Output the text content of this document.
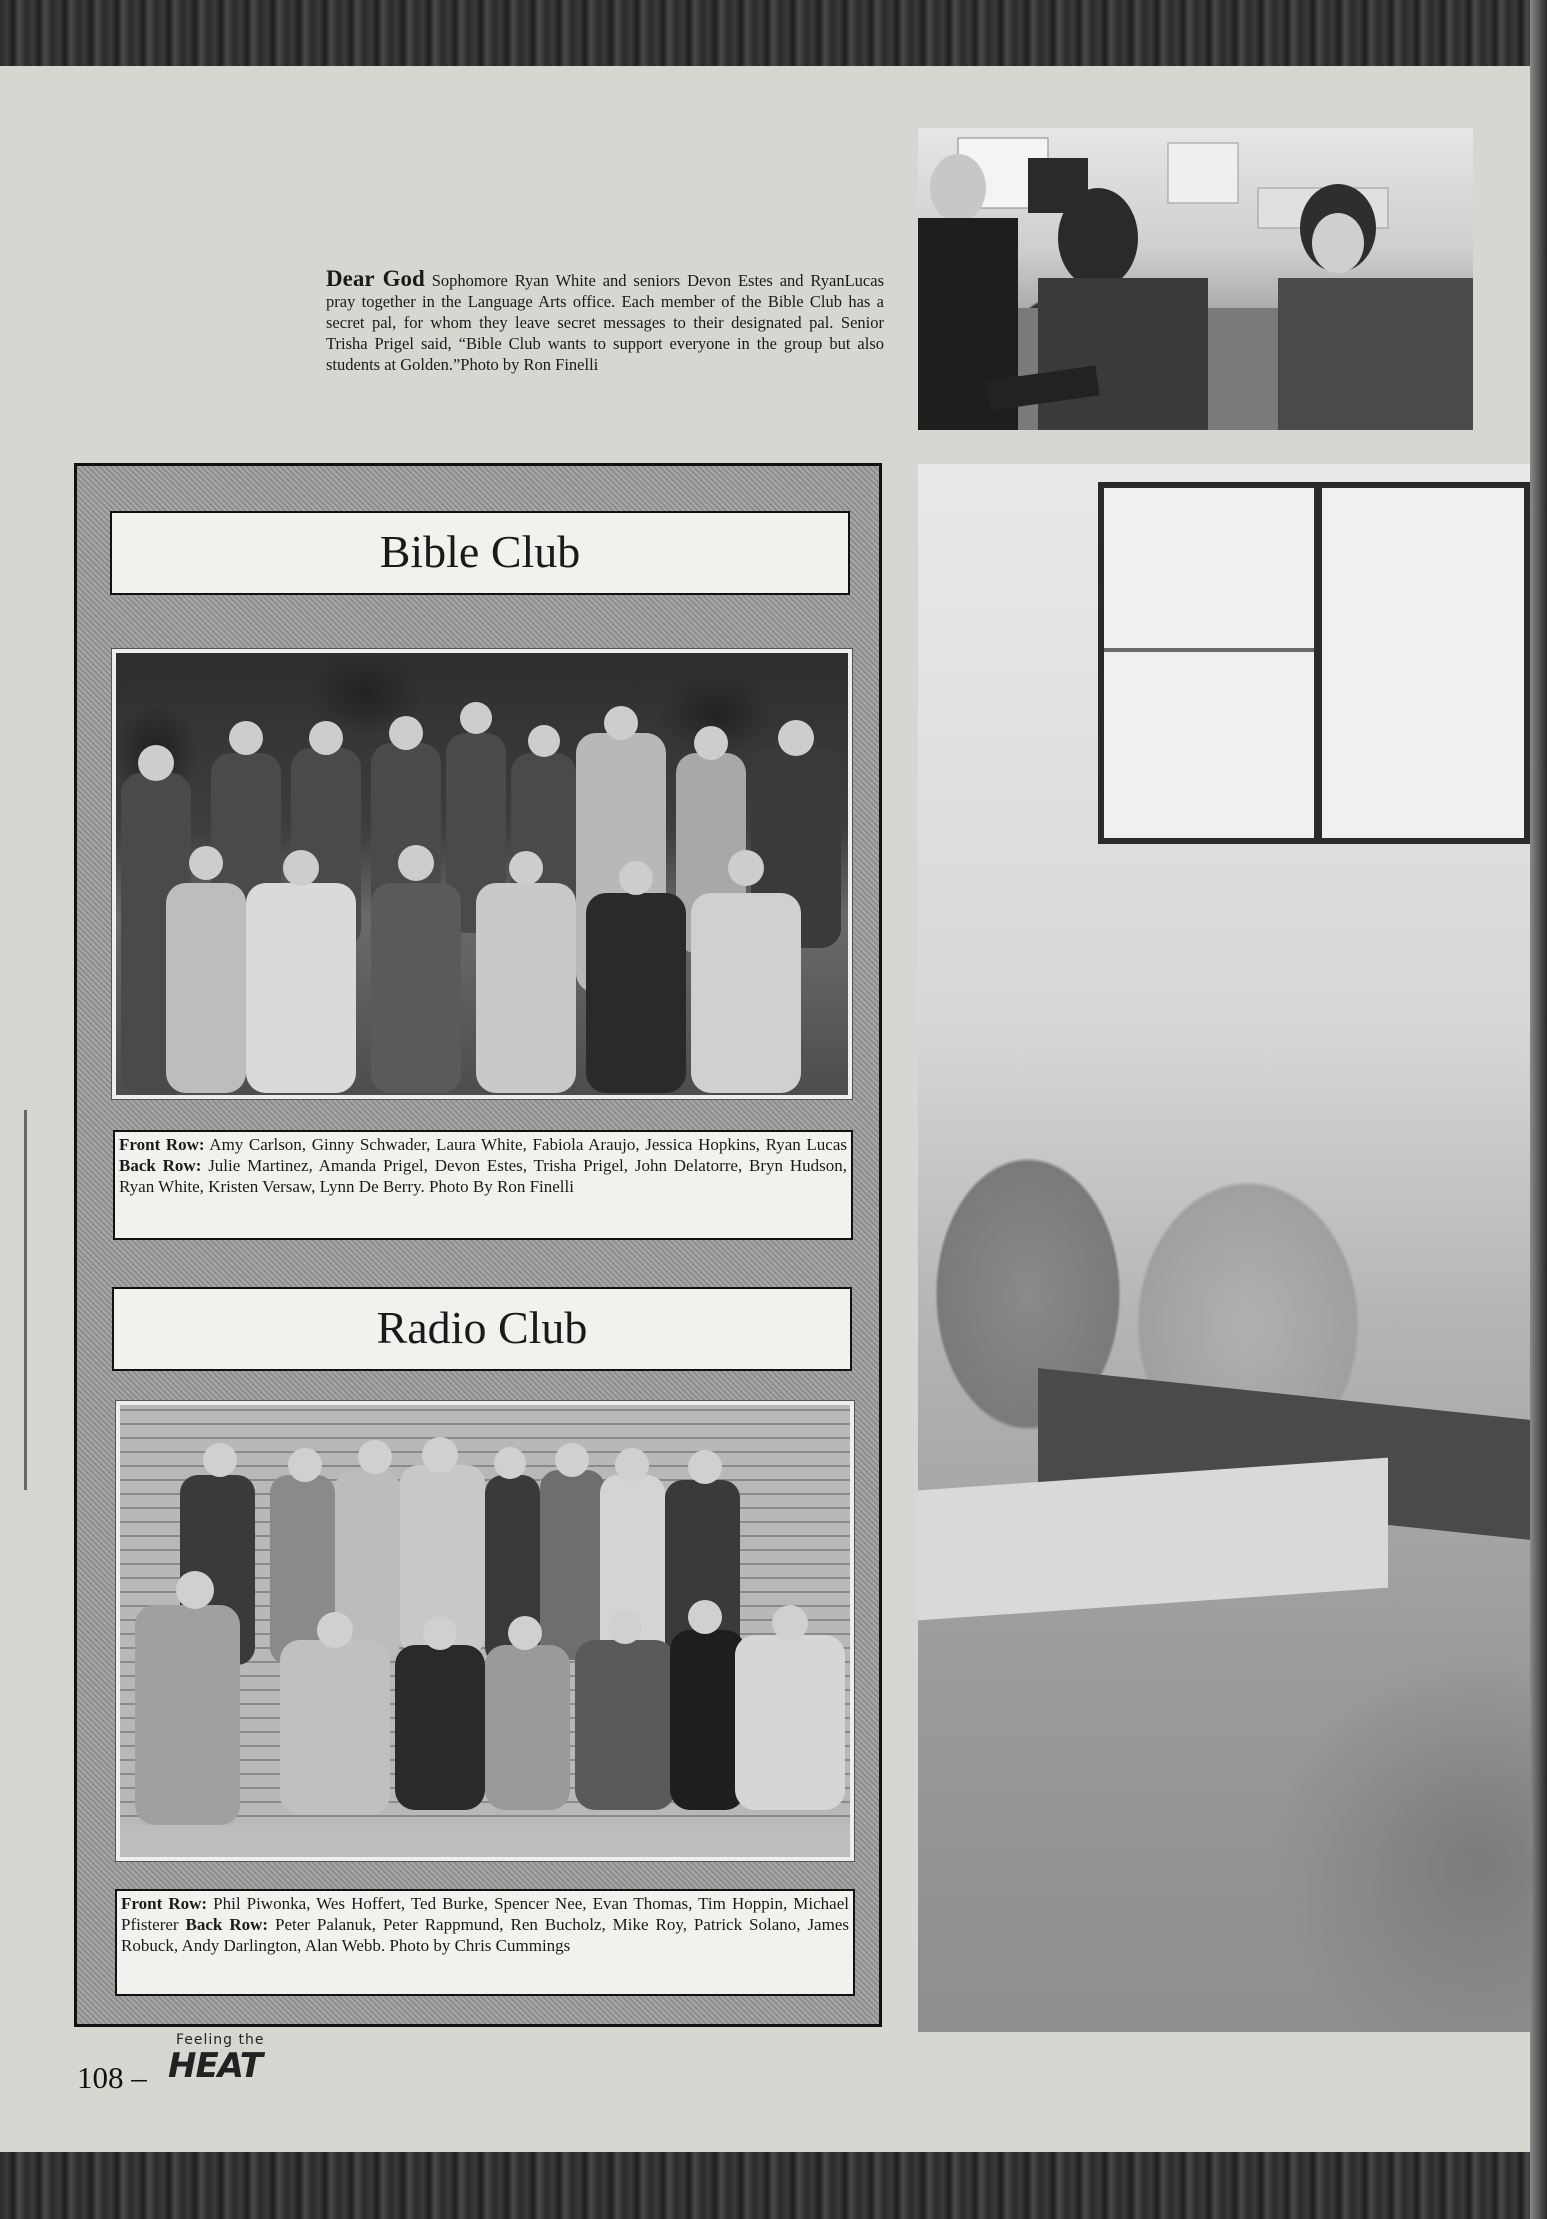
Dear God Sophomore Ryan White and seniors Devon Estes and RyanLucas pray together in the Language Arts office. Each member of the Bible Club has a secret pal, for whom they leave secret messages to their designated pal. Senior Trisha Prigel said, “Bible Club wants to support everyone in the group but also students at Golden.”Photo by Ron Finelli

Bible Club
Front Row: Amy Carlson, Ginny Schwader, Laura White, Fabiola Araujo, Jessica Hopkins, Ryan Lucas Back Row: Julie Martinez, Amanda Prigel, Devon Estes, Trisha Prigel, John Delatorre, Bryn Hudson, Ryan White, Kristen Versaw, Lynn De Berry. Photo By Ron Finelli
Radio Club
Front Row: Phil Piwonka, Wes Hoffert, Ted Burke, Spencer Nee, Evan Thomas, Tim Hoppin, Michael Pfisterer Back Row: Peter Palanuk, Peter Rappmund, Ren Bucholz, Mike Roy, Patrick Solano, James Robuck, Andy Darlington, Alan Webb. Photo by Chris Cummings
108 –
Feeling the
HEAT
